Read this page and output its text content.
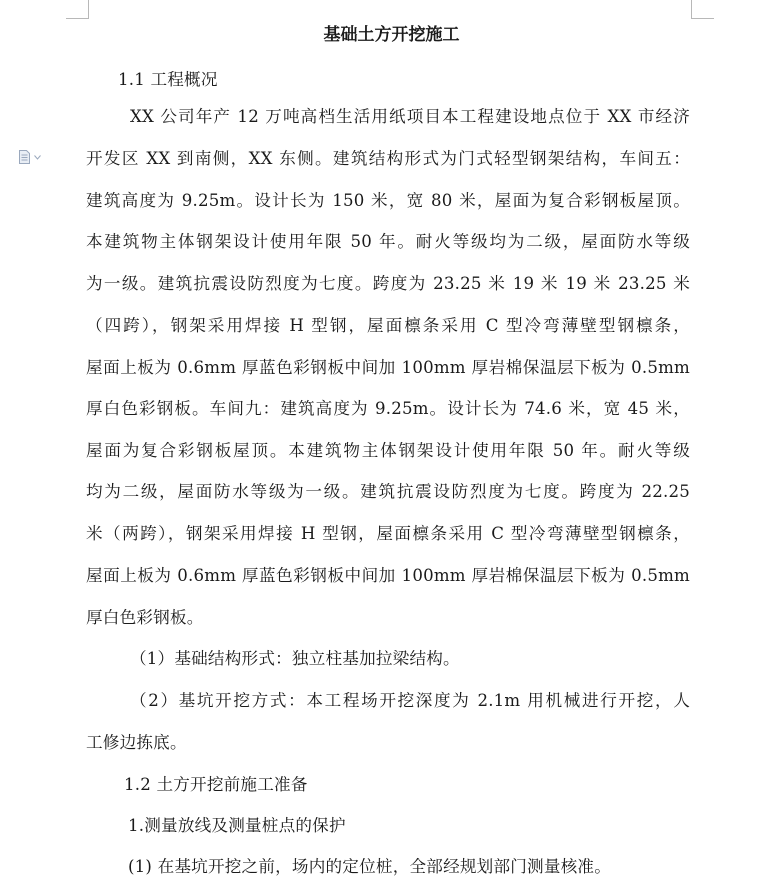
基础土方开挖施工
1.1 工程概况
XX 公司年产 12 万吨高档生活用纸项目本工程建设地点位于 XX 市经济
开发区 XX 到南侧，XX 东侧。建筑结构形式为门式轻型钢架结构，车间五：
建筑高度为 9.25m。设计长为 150 米，宽 80 米，屋面为复合彩钢板屋顶。
本建筑物主体钢架设计使用年限 50 年。耐火等级均为二级，屋面防水等级
为一级。建筑抗震设防烈度为七度。跨度为 23.25 米 19 米 19 米 23.25 米
（四跨），钢架采用焊接 H 型钢，屋面檩条采用 C 型冷弯薄壁型钢檩条，
屋面上板为 0.6mm 厚蓝色彩钢板中间加 100mm 厚岩棉保温层下板为 0.5mm
厚白色彩钢板。车间九：建筑高度为 9.25m。设计长为 74.6 米，宽 45 米，
屋面为复合彩钢板屋顶。本建筑物主体钢架设计使用年限 50 年。耐火等级
均为二级，屋面防水等级为一级。建筑抗震设防烈度为七度。跨度为 22.25
米（两跨），钢架采用焊接 H 型钢，屋面檩条采用 C 型冷弯薄壁型钢檩条，
屋面上板为 0.6mm 厚蓝色彩钢板中间加 100mm 厚岩棉保温层下板为 0.5mm
厚白色彩钢板。
（1）基础结构形式：独立柱基加拉梁结构。
（2）基坑开挖方式：本工程场开挖深度为 2.1m 用机械进行开挖，人
工修边拣底。
1.2 土方开挖前施工准备
1.测量放线及测量桩点的保护
(1) 在基坑开挖之前，场内的定位桩，全部经规划部门测量核准。
